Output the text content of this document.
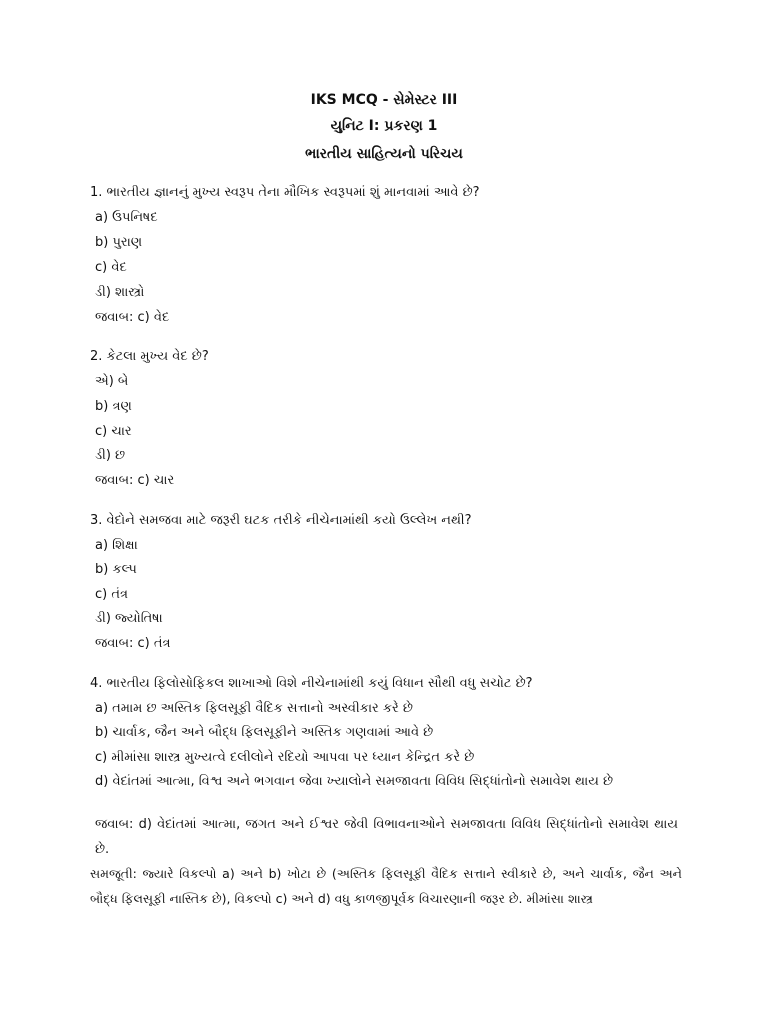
IKS MCQ - સેમેસ્ટર III
યુનિટ I: પ્રકરણ 1
ભારતીય સાહિત્યનો પરિચય
1. ભારતીય જ્ઞાનનું મુખ્ય સ્વરૂપ તેના મૌખિક સ્વરૂપમાં શું માનવામાં આવે છે?
a) ઉપનિષદ
b) પુરાણ
c) વેદ
ડી) શાસ્ત્રો
જવાબ: c) વેદ
2. કેટલા મુખ્ય વેદ છે?
એ) બે
b) ત્રણ
c) ચાર
ડી) છ
જવાબ: c) ચાર
3. વેદોને સમજવા માટે જરૂરી ઘટક તરીકે નીચેનામાંથી કયો ઉલ્લેખ નથી?
a) શિક્ષા
b) કલ્પ
c) તંત્ર
ડી) જ્યોતિષા
જવાબ: c) તંત્ર
4. ભારતીય ફિલોસોફિકલ શાખાઓ વિશે નીચેનામાંથી કયું વિધાન સૌથી વધુ સચોટ છે?
a) તમામ છ અસ્તિક ફિલસૂફી વૈદિક સત્તાનો અસ્વીકાર કરે છે
b) ચાર્વાક, જૈન અને બૌદ્ધ ફિલસૂફીને અસ્તિક ગણવામાં આવે છે
c) મીમાંસા શાસ્ત્ર મુખ્યત્વે દલીલોને રદિયો આપવા પર ધ્યાન કેન્દ્રિત કરે છે
d) વેદાંતમાં આત્મા, વિશ્વ અને ભગવાન જેવા ખ્યાલોને સમજાવતા વિવિધ સિદ્ધાંતોનો સમાવેશ થાય છે
જવાબ: d) વેદાંતમાં આત્મા, જગત અને ઈશ્વર જેવી વિભાવનાઓને સમજાવતા વિવિધ સિદ્ધાંતોનો સમાવેશ થાય છે.
સમજૂતી: જ્યારે વિકલ્પો a) અને b) ખોટા છે (અસ્તિક ફિલસૂફી વૈદિક સત્તાને સ્વીકારે છે, અને ચાર્વાક, જૈન અને બૌદ્ધ ફિલસૂફી નાસ્તિક છે), વિકલ્પો c) અને d) વધુ કાળજીપૂર્વક વિચારણાની જરૂર છે. મીમાંસા શાસ્ત્ર
